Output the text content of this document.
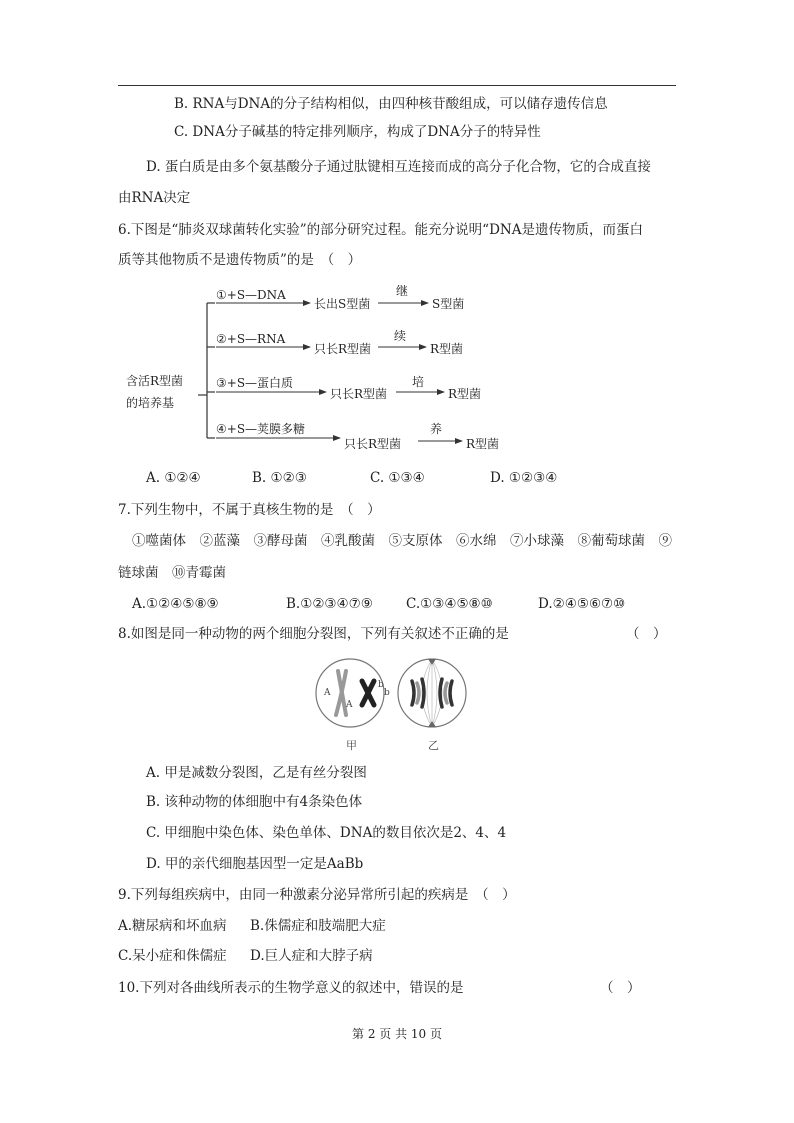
B. RNA与DNA的分子结构相似，由四种核苷酸组成，可以储存遗传信息
C. DNA分子碱基的特定排列顺序，构成了DNA分子的特异性
D. 蛋白质是由多个氨基酸分子通过肽键相互连接而成的高分子化合物，它的合成直接
由RNA决定
6.下图是“肺炎双球菌转化实验”的部分研究过程。能充分说明“DNA是遗传物质，而蛋白
质等其他物质不是遗传物质”的是　（　）
含活R型菌
的培养基
①+S—DNA
长出S型菌
继
S型菌
②+S—RNA
只长R型菌
续
R型菌
③+S—蛋白质
只长R型菌
培
R型菌
④+S—荚膜多糖
只长R型菌
养
R型菌
A. ①②④	B. ①②③	C. ①③④	D. ①②③④
7.下列生物中，不属于真核生物的是　（　）
①噬菌体　②蓝藻　③酵母菌　④乳酸菌　⑤支原体　⑥水绵　⑦小球藻　⑧葡萄球菌　⑨
链球菌　⑩青霉菌
A.①②④⑤⑧⑨	B.①②③④⑦⑨ C.①③④⑤⑧⑩	D.②④⑤⑥⑦⑩
8.如图是同一种动物的两个细胞分裂图，下列有关叙述不正确的是	（　）
A
A
b
b
甲	乙
A. 甲是减数分裂图，乙是有丝分裂图
B. 该种动物的体细胞中有4条染色体
C. 甲细胞中染色体、染色单体、DNA的数目依次是2、4、4
D. 甲的亲代细胞基因型一定是AaBb
9.下列每组疾病中，由同一种激素分泌异常所引起的疾病是　（　）
A.糖尿病和坏血病 B.侏儒症和肢端肥大症
C.呆小症和侏儒症 D.巨人症和大脖子病
10.下列对各曲线所表示的生物学意义的叙述中，错误的是	（　）
第 2 页 共 10 页
